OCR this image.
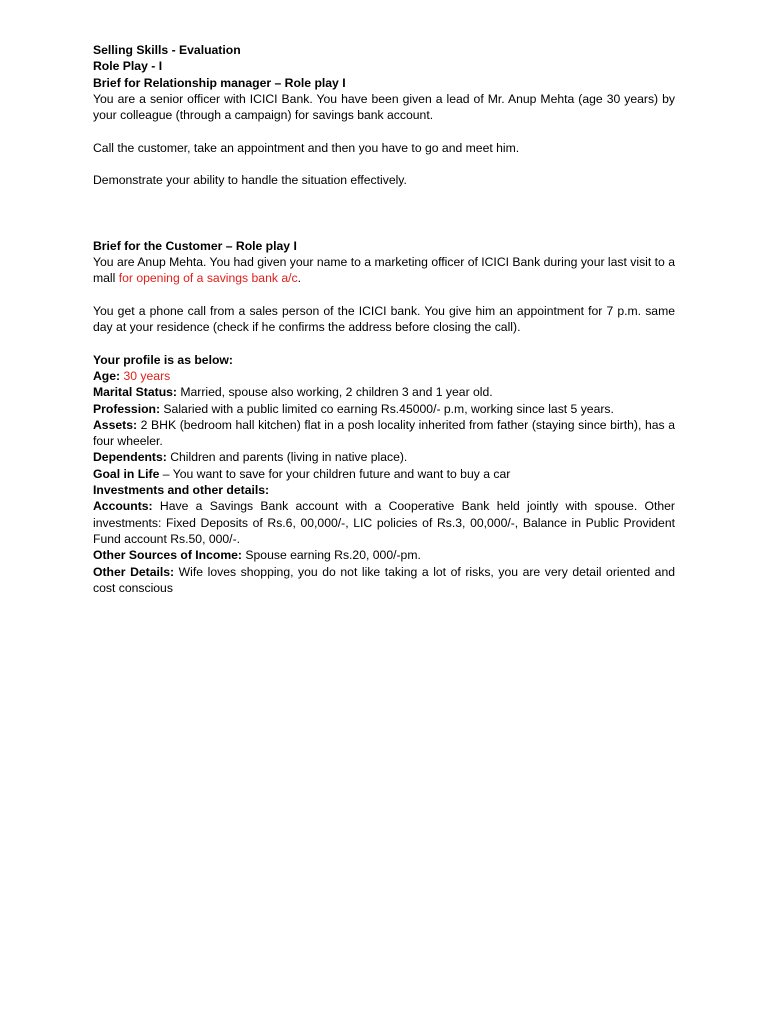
Selling Skills - Evaluation

Role Play - I

Brief for Relationship manager – Role play I

You are a senior officer with ICICI Bank. You have been given a lead of Mr. Anup Mehta (age 30 years) by your colleague (through a campaign) for savings bank account.

Call the customer, take an appointment and then you have to go and meet him.

Demonstrate your ability to handle the situation effectively.

Brief for the Customer – Role play I

You are Anup Mehta. You had given your name to a marketing officer of ICICI Bank during your last visit to a mall for opening of a savings bank a/c.

You get a phone call from a sales person of the ICICI bank. You give him an appointment for 7 p.m. same day at your residence (check if he confirms the address before closing the call).

Your profile is as below:

Age: 30 years

Marital Status: Married, spouse also working, 2 children 3 and 1 year old.

Profession: Salaried with a public limited co earning Rs.45000/- p.m, working since last 5 years.

Assets: 2 BHK (bedroom hall kitchen) flat in a posh locality inherited from father (staying since birth), has a four wheeler.

Dependents: Children and parents (living in native place).

Goal in Life – You want to save for your children future and want to buy a car

Investments and other details:

Accounts: Have a Savings Bank account with a Cooperative Bank held jointly with spouse. Other investments: Fixed Deposits of Rs.6, 00,000/-, LIC policies of Rs.3, 00,000/-, Balance in Public Provident Fund account Rs.50, 000/-.

Other Sources of Income: Spouse earning Rs.20, 000/-pm.

Other Details: Wife loves shopping, you do not like taking a lot of risks, you are very detail oriented and cost conscious
